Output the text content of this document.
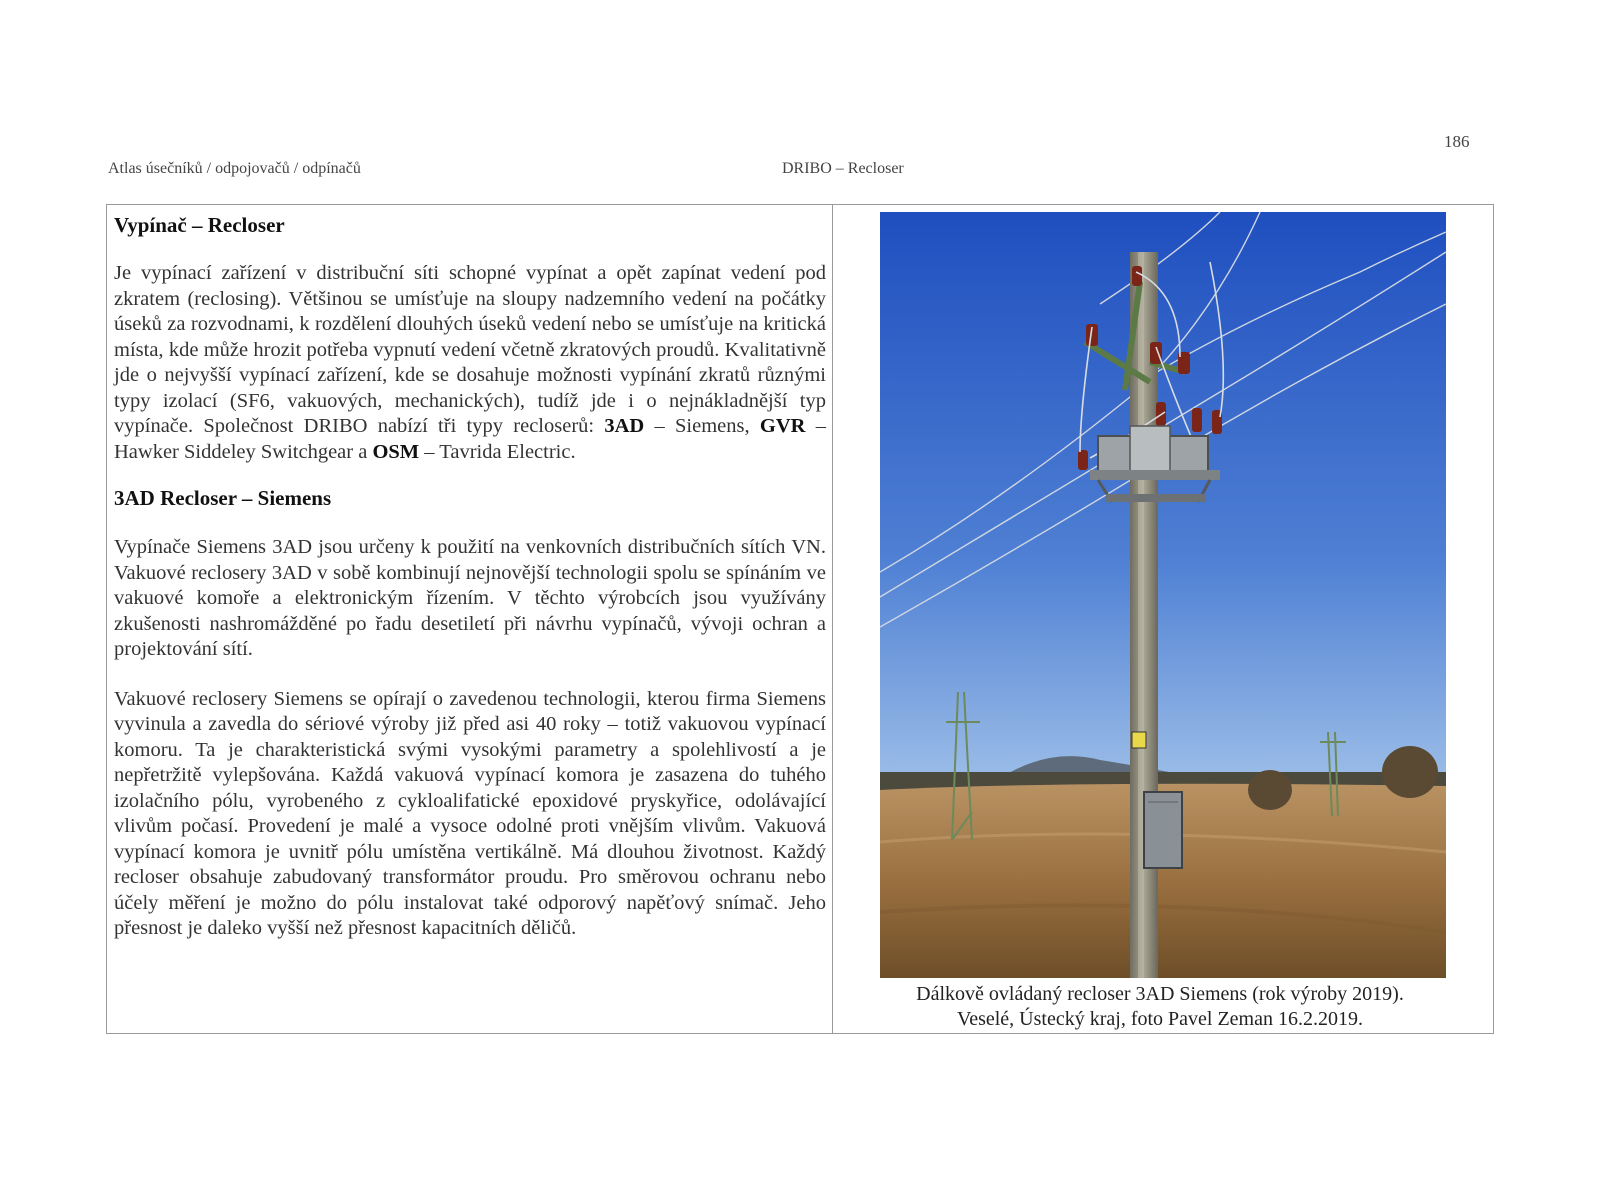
186
Atlas úsečníků / odpojovačů / odpínačů	DRIBO – Recloser
Vypínač – Recloser

Je vypínací zařízení v distribuční síti schopné vypínat a opět zapínat vedení pod zkratem (reclosing). Většinou se umísťuje na sloupy nadzemního vedení na počátky úseků za rozvodnami, k rozdělení dlouhých úseků vedení nebo se umísťuje na kritická místa, kde může hrozit potřeba vypnutí vedení včetně zkratových proudů. Kvalitativně jde o nejvyšší vypínací zařízení, kde se dosahuje možnosti vypínání zkratů různými typy izolací (SF6, vakuových, mechanických), tudíž jde i o nejnákladnější typ vypínače. Společnost DRIBO nabízí tři typy recloserů: 3AD – Siemens, GVR – Hawker Siddeley Switchgear a OSM – Tavrida Electric.

3AD Recloser – Siemens

Vypínače Siemens 3AD jsou určeny k použití na venkovních distribučních sítích VN. Vakuové reclosery 3AD v sobě kombinují nejnovější technologii spolu se spínáním ve vakuové komoře a elektronickým řízením. V těchto výrobcích jsou využívány zkušenosti nashromážděné po řadu desetiletí při návrhu vypínačů, vývoji ochran a projektování sítí.

Vakuové reclosery Siemens se opírají o zavedenou technologii, kterou firma Siemens vyvinula a zavedla do sériové výroby již před asi 40 roky – totiž vakuovou vypínací komoru. Ta je charakteristická svými vysokými parametry a spolehlivostí a je nepřetržitě vylepšována. Každá vakuová vypínací komora je zasazena do tuhého izolačního pólu, vyrobeného z cykloalifatické epoxidové pryskyřice, odolávající vlivům počasí. Provedení je malé a vysoce odolné proti vnějším vlivům. Vakuová vypínací komora je uvnitř pólu umístěna vertikálně. Má dlouhou životnost. Každý recloser obsahuje zabudovaný transformátor proudu. Pro směrovou ochranu nebo účely měření je možno do pólu instalovat také odporový napěťový snímač. Jeho přesnost je daleko vyšší než přesnost kapacitních děličů.

Dálkově ovládaný recloser 3AD Siemens (rok výroby 2019).
Veselé, Ústecký kraj, foto Pavel Zeman 16.2.2019.
